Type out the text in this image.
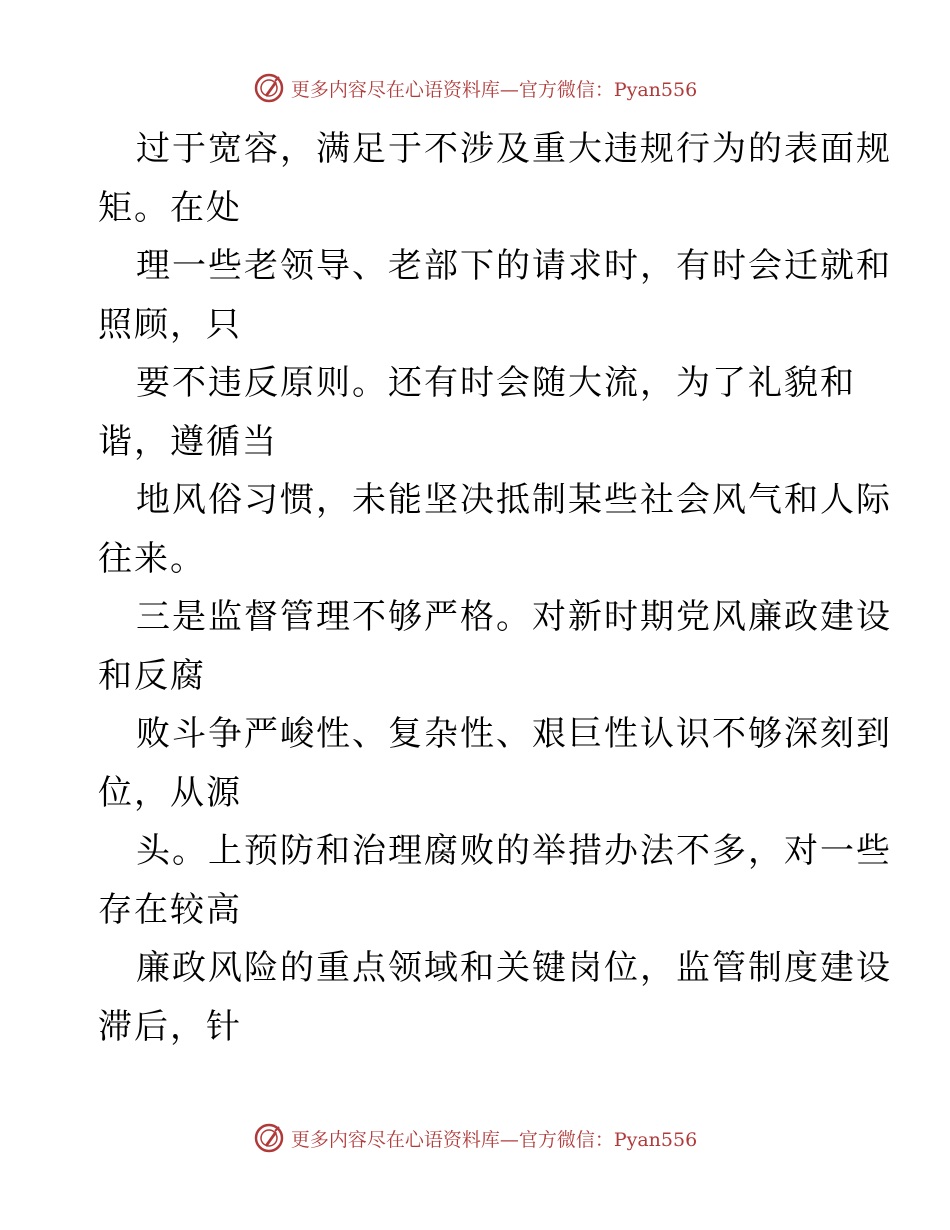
更多内容尽在心语资料库—官方微信：Pyan556
过于宽容，满足于不涉及重大违规行为的表面规
矩。在处
理一些老领导、老部下的请求时，有时会迁就和
照顾，只
要不违反原则。还有时会随大流，为了礼貌和
谐，遵循当
地风俗习惯，未能坚决抵制某些社会风气和人际
往来。
三是监督管理不够严格。对新时期党风廉政建设
和反腐
败斗争严峻性、复杂性、艰巨性认识不够深刻到
位，从源
头。上预防和治理腐败的举措办法不多，对一些
存在较高
廉政风险的重点领域和关键岗位，监管制度建设
滞后，针
更多内容尽在心语资料库—官方微信：Pyan556
